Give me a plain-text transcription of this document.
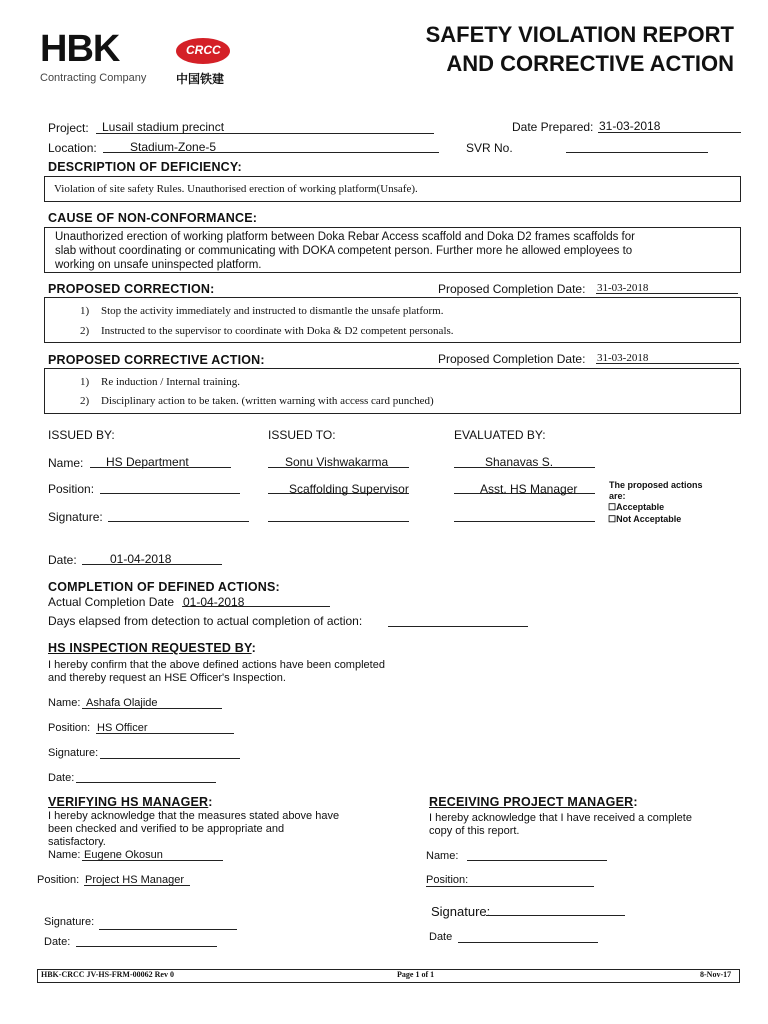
HBK	CRCC
Contracting Company 中国铁建
SAFETY VIOLATION REPORT
AND CORRECTIVE ACTION
Project: Lusail stadium precinct	Date Prepared: 31-03-2018
Location:	Stadium-Zone-5	SVR No.
DESCRIPTION OF DEFICIENCY:
Violation of site safety Rules. Unauthorised erection of working platform(Unsafe).
CAUSE OF NON-CONFORMANCE:
Unauthorized erection of working platform between Doka Rebar Access scaffold and Doka D2 frames scaffolds for
slab without coordinating or communicating with DOKA competent person. Further more he allowed employees to
working on unsafe uninspected platform.
PROPOSED CORRECTION:	Proposed Completion Date: 31-03-2018
1) Stop the activity immediately and instructed to dismantle the unsafe platform.
2) Instructed to the supervisor to coordinate with Doka & D2 competent personals.
PROPOSED CORRECTIVE ACTION:	Proposed Completion Date: 31-03-2018
1) Re induction / Internal training.
2) Disciplinary action to be taken. (written warning with access card punched)
ISSUED BY:	ISSUED TO:	EVALUATED BY:
Name: HS Department	Sonu Vishwakarma	Shanavas S.
Position:	Scaffolding Supervisor	Asst. HS Manager	The proposed actions
are:
☐Acceptable
☐Not Acceptable
Signature:
Date:	01-04-2018
COMPLETION OF DEFINED ACTIONS:
Actual Completion Date 01-04-2018
Days elapsed from detection to actual completion of action:
HS INSPECTION REQUESTED BY:
I hereby confirm that the above defined actions have been completed
and thereby request an HSE Officer's Inspection.
Name: Ashafa Olajide
Position: HS Officer
Signature:
Date:
VERIFYING HS MANAGER:
I hereby acknowledge that the measures stated above have
been checked and verified to be appropriate and
satisfactory.
Name: Eugene Okosun
Position: Project HS Manager
Signature:
Date:
RECEIVING PROJECT MANAGER:
I hereby acknowledge that I have received a complete
copy of this report.
Name:
Position:
Signature:
Date
HBK-CRCC JV-HS-FRM-00062 Rev 0	Page 1 of 1	8-Nov-17
